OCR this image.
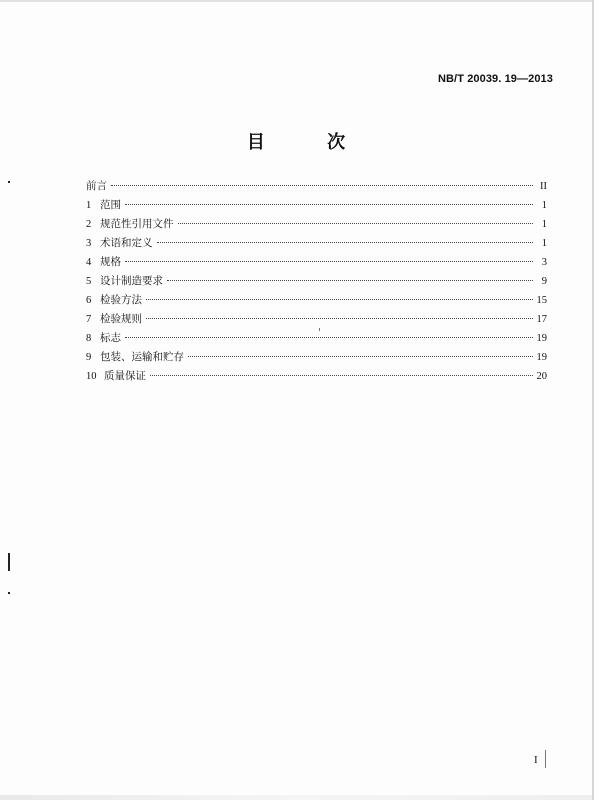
NB/T 20039. 19—2013
目 次
前言	II
1 范围	1
2 规范性引用文件	1
3 术语和定义	1
4 规格	3
5 设计制造要求	9
6 检验方法	15
7 检验规则	17
8 标志	19
9 包装、运输和贮存	19
10 质量保证	20
I
